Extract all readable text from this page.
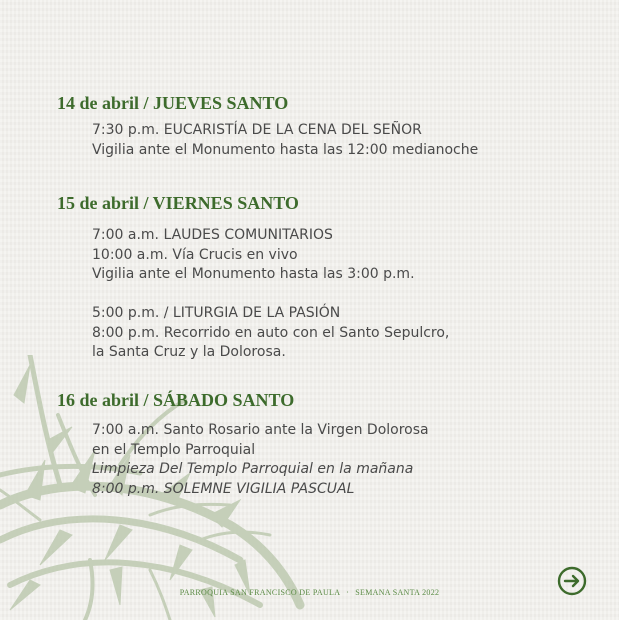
14 de abril / JUEVES SANTO
7:30 p.m. EUCARISTÍA DE LA CENA DEL SEÑOR
Vigilia ante el Monumento hasta las 12:00 medianoche
15 de abril / VIERNES SANTO
7:00 a.m. LAUDES COMUNITARIOS
10:00 a.m. Vía Crucis en vivo
Vigilia ante el Monumento hasta las 3:00 p.m.
5:00 p.m. / LITURGIA DE LA PASIÓN
8:00 p.m. Recorrido en auto con el Santo Sepulcro,
la Santa Cruz y la Dolorosa.
16 de abril / SÁBADO SANTO
7:00 a.m. Santo Rosario ante la Virgen Dolorosa
en el Templo Parroquial
Limpieza Del Templo Parroquial en la mañana
8:00 p.m. SOLEMNE VIGILIA PASCUAL
PARROQUIA SAN FRANCISCO DE PAULA · SEMANA SANTA 2022
